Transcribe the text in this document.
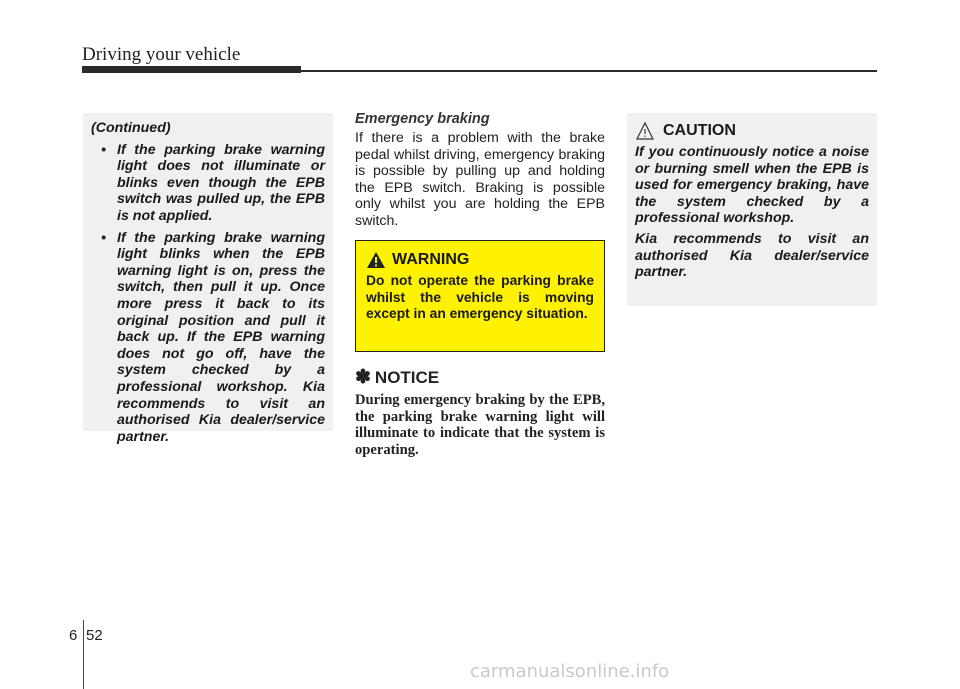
Driving your vehicle
(Continued)
• If the parking brake warning light does not illuminate or blinks even though the EPB switch was pulled up, the EPB is not applied.
• If the parking brake warning light blinks when the EPB warning light is on, press the switch, then pull it up. Once more press it back to its original position and pull it back up. If the EPB warning does not go off, have the system checked by a professional workshop. Kia recommends to visit an authorised Kia dealer/service partner.
Emergency braking
If there is a problem with the brake pedal whilst driving, emergency braking is possible by pulling up and holding the EPB switch. Braking is possible only whilst you are holding the EPB switch.
WARNING
Do not operate the parking brake whilst the vehicle is moving except in an emergency situation.
✽ NOTICE
During emergency braking by the EPB, the parking brake warning light will illuminate to indicate that the system is operating.
CAUTION
If you continuously notice a noise or burning smell when the EPB is used for emergency braking, have the system checked by a professional workshop.
Kia recommends to visit an authorised Kia dealer/service partner.
6 52
carmanualsonline.info
